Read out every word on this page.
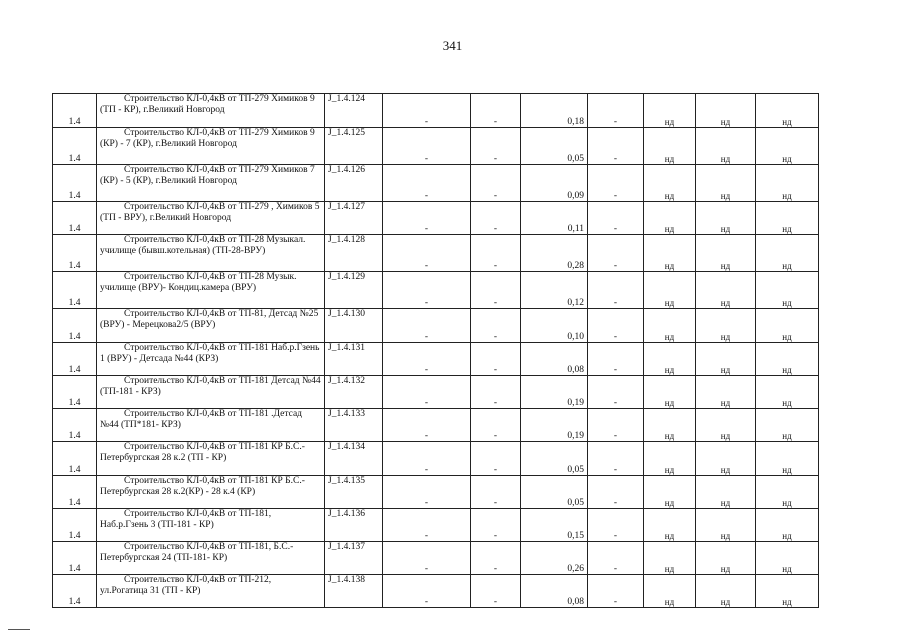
341
1.4	Строительство КЛ-0,4кВ от ТП-279 Химиков 9 (ТП - КР), г.Великий Новгород	J_1.4.124	-	-	0,18	-	нд	нд	нд
1.4	Строительство КЛ-0,4кВ от ТП-279 Химиков 9 (КР) - 7 (КР), г.Великий Новгород	J_1.4.125	-	-	0,05	-	нд	нд	нд
1.4	Строительство КЛ-0,4кВ от ТП-279 Химиков 7 (КР) - 5 (КР), г.Великий Новгород	J_1.4.126	-	-	0,09	-	нд	нд	нд
1.4	Строительство КЛ-0,4кВ от ТП-279 , Химиков 5 (ТП - ВРУ), г.Великий Новгород	J_1.4.127	-	-	0,11	-	нд	нд	нд
1.4	Строительство КЛ-0,4кВ от ТП-28 Музыкал. училище (бывш.котельная) (ТП-28-ВРУ)	J_1.4.128	-	-	0,28	-	нд	нд	нд
1.4	Строительство КЛ-0,4кВ от ТП-28 Музык. училище (ВРУ)- Кондиц.камера (ВРУ)	J_1.4.129	-	-	0,12	-	нд	нд	нд
1.4	Строительство КЛ-0,4кВ от ТП-81, Детсад №25 (ВРУ) - Мерецкова2/5 (ВРУ)	J_1.4.130	-	-	0,10	-	нд	нд	нд
1.4	Строительство КЛ-0,4кВ от ТП-181 Наб.р.Гзень 1 (ВРУ) - Детсада №44 (КРЗ)	J_1.4.131	-	-	0,08	-	нд	нд	нд
1.4	Строительство КЛ-0,4кВ от ТП-181 Детсад №44 (ТП-181 - КРЗ)	J_1.4.132	-	-	0,19	-	нд	нд	нд
1.4	Строительство КЛ-0,4кВ от ТП-181 .Детсад №44 (ТП*181- КРЗ)	J_1.4.133	-	-	0,19	-	нд	нд	нд
1.4	Строительство КЛ-0,4кВ от ТП-181 КР Б.С.-Петербургская 28 к.2 (ТП - КР)	J_1.4.134	-	-	0,05	-	нд	нд	нд
1.4	Строительство КЛ-0,4кВ от ТП-181 КР Б.С.-Петербургская 28 к.2(КР) - 28 к.4 (КР)	J_1.4.135	-	-	0,05	-	нд	нд	нд
1.4	Строительство КЛ-0,4кВ от ТП-181, Наб.р.Гзень 3 (ТП-181 - КР)	J_1.4.136	-	-	0,15	-	нд	нд	нд
1.4	Строительство КЛ-0,4кВ от ТП-181, Б.С.-Петербургская 24 (ТП-181- КР)	J_1.4.137	-	-	0,26	-	нд	нд	нд
1.4	Строительство КЛ-0,4кВ от ТП-212, ул.Рогатица 31 (ТП - КР)	J_1.4.138	-	-	0,08	-	нд	нд	нд
